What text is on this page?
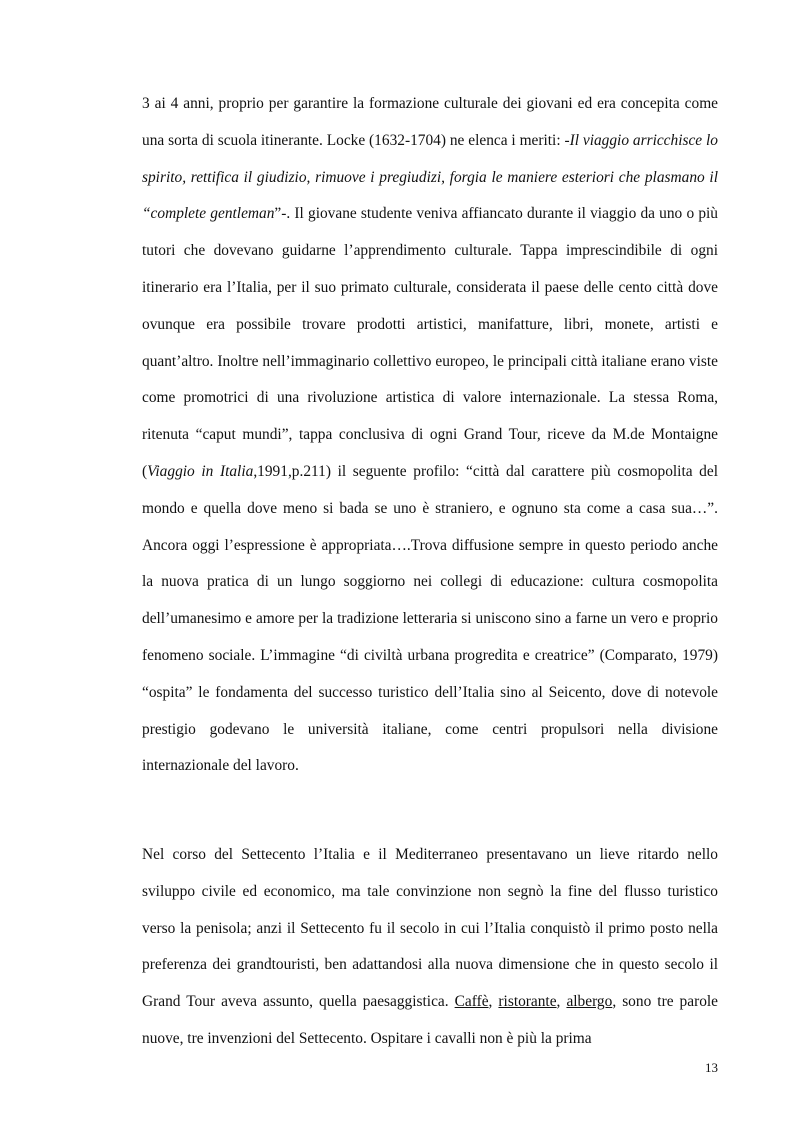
3 ai 4 anni, proprio per garantire la formazione culturale dei giovani ed era concepita come una sorta di scuola itinerante. Locke (1632-1704) ne elenca i meriti: -Il viaggio arricchisce lo spirito, rettifica il giudizio, rimuove i pregiudizi, forgia le maniere esteriori che plasmano il “complete gentleman”-. Il giovane studente veniva affiancato durante il viaggio da uno o più tutori che dovevano guidarne l’apprendimento culturale. Tappa imprescindibile di ogni itinerario era l’Italia, per il suo primato culturale, considerata il paese delle cento città dove ovunque era possibile trovare prodotti artistici, manifatture, libri, monete, artisti e quant’altro. Inoltre nell’immaginario collettivo europeo, le principali città italiane erano viste come promotrici di una rivoluzione artistica di valore internazionale. La stessa Roma, ritenuta “caput mundi”, tappa conclusiva di ogni Grand Tour, riceve da M.de Montaigne (Viaggio in Italia,1991,p.211) il seguente profilo: “città dal carattere più cosmopolita del mondo e quella dove meno si bada se uno è straniero, e ognuno sta come a casa sua…”. Ancora oggi l’espressione è appropriata….Trova diffusione sempre in questo periodo anche la nuova pratica di un lungo soggiorno nei collegi di educazione: cultura cosmopolita dell’umanesimo e amore per la tradizione letteraria si uniscono sino a farne un vero e proprio fenomeno sociale. L’immagine “di civiltà urbana progredita e creatrice” (Comparato, 1979) “ospita” le fondamenta del successo turistico dell’Italia sino al Seicento, dove di notevole prestigio godevano le università italiane, come centri propulsori nella divisione internazionale del lavoro.
Nel corso del Settecento l’Italia e il Mediterraneo presentavano un lieve ritardo nello sviluppo civile ed economico, ma tale convinzione non segnò la fine del flusso turistico verso la penisola; anzi il Settecento fu il secolo in cui l’Italia conquistò il primo posto nella preferenza dei grandtouristi, ben adattandosi alla nuova dimensione che in questo secolo il Grand Tour aveva assunto, quella paesaggistica. Caffè, ristorante, albergo, sono tre parole nuove, tre invenzioni del Settecento. Ospitare i cavalli non è più la prima
13
